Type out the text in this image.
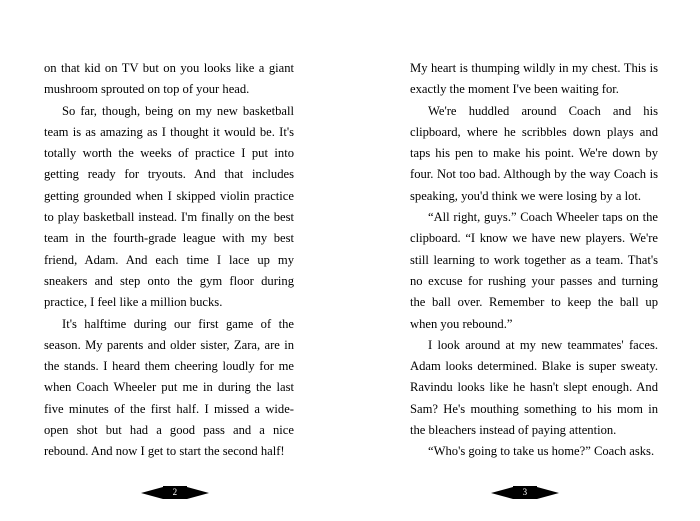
on that kid on TV but on you looks like a giant mushroom sprouted on top of your head.

So far, though, being on my new basketball team is as amazing as I thought it would be. It's totally worth the weeks of practice I put into getting ready for tryouts. And that includes getting grounded when I skipped violin practice to play basketball instead. I'm finally on the best team in the fourth-grade league with my best friend, Adam. And each time I lace up my sneakers and step onto the gym floor during practice, I feel like a million bucks.

It's halftime during our first game of the season. My parents and older sister, Zara, are in the stands. I heard them cheering loudly for me when Coach Wheeler put me in during the last five minutes of the first half. I missed a wide-open shot but had a good pass and a nice rebound. And now I get to start the second half!

2

My heart is thumping wildly in my chest. This is exactly the moment I've been waiting for.

We're huddled around Coach and his clipboard, where he scribbles down plays and taps his pen to make his point. We're down by four. Not too bad. Although by the way Coach is speaking, you'd think we were losing by a lot.

“All right, guys.” Coach Wheeler taps on the clipboard. “I know we have new players. We're still learning to work together as a team. That's no excuse for rushing your passes and turning the ball over. Remember to keep the ball up when you rebound.”

I look around at my new teammates' faces. Adam looks determined. Blake is super sweaty. Ravindu looks like he hasn't slept enough. And Sam? He's mouthing something to his mom in the bleachers instead of paying attention.

“Who's going to take us home?” Coach asks.

3
